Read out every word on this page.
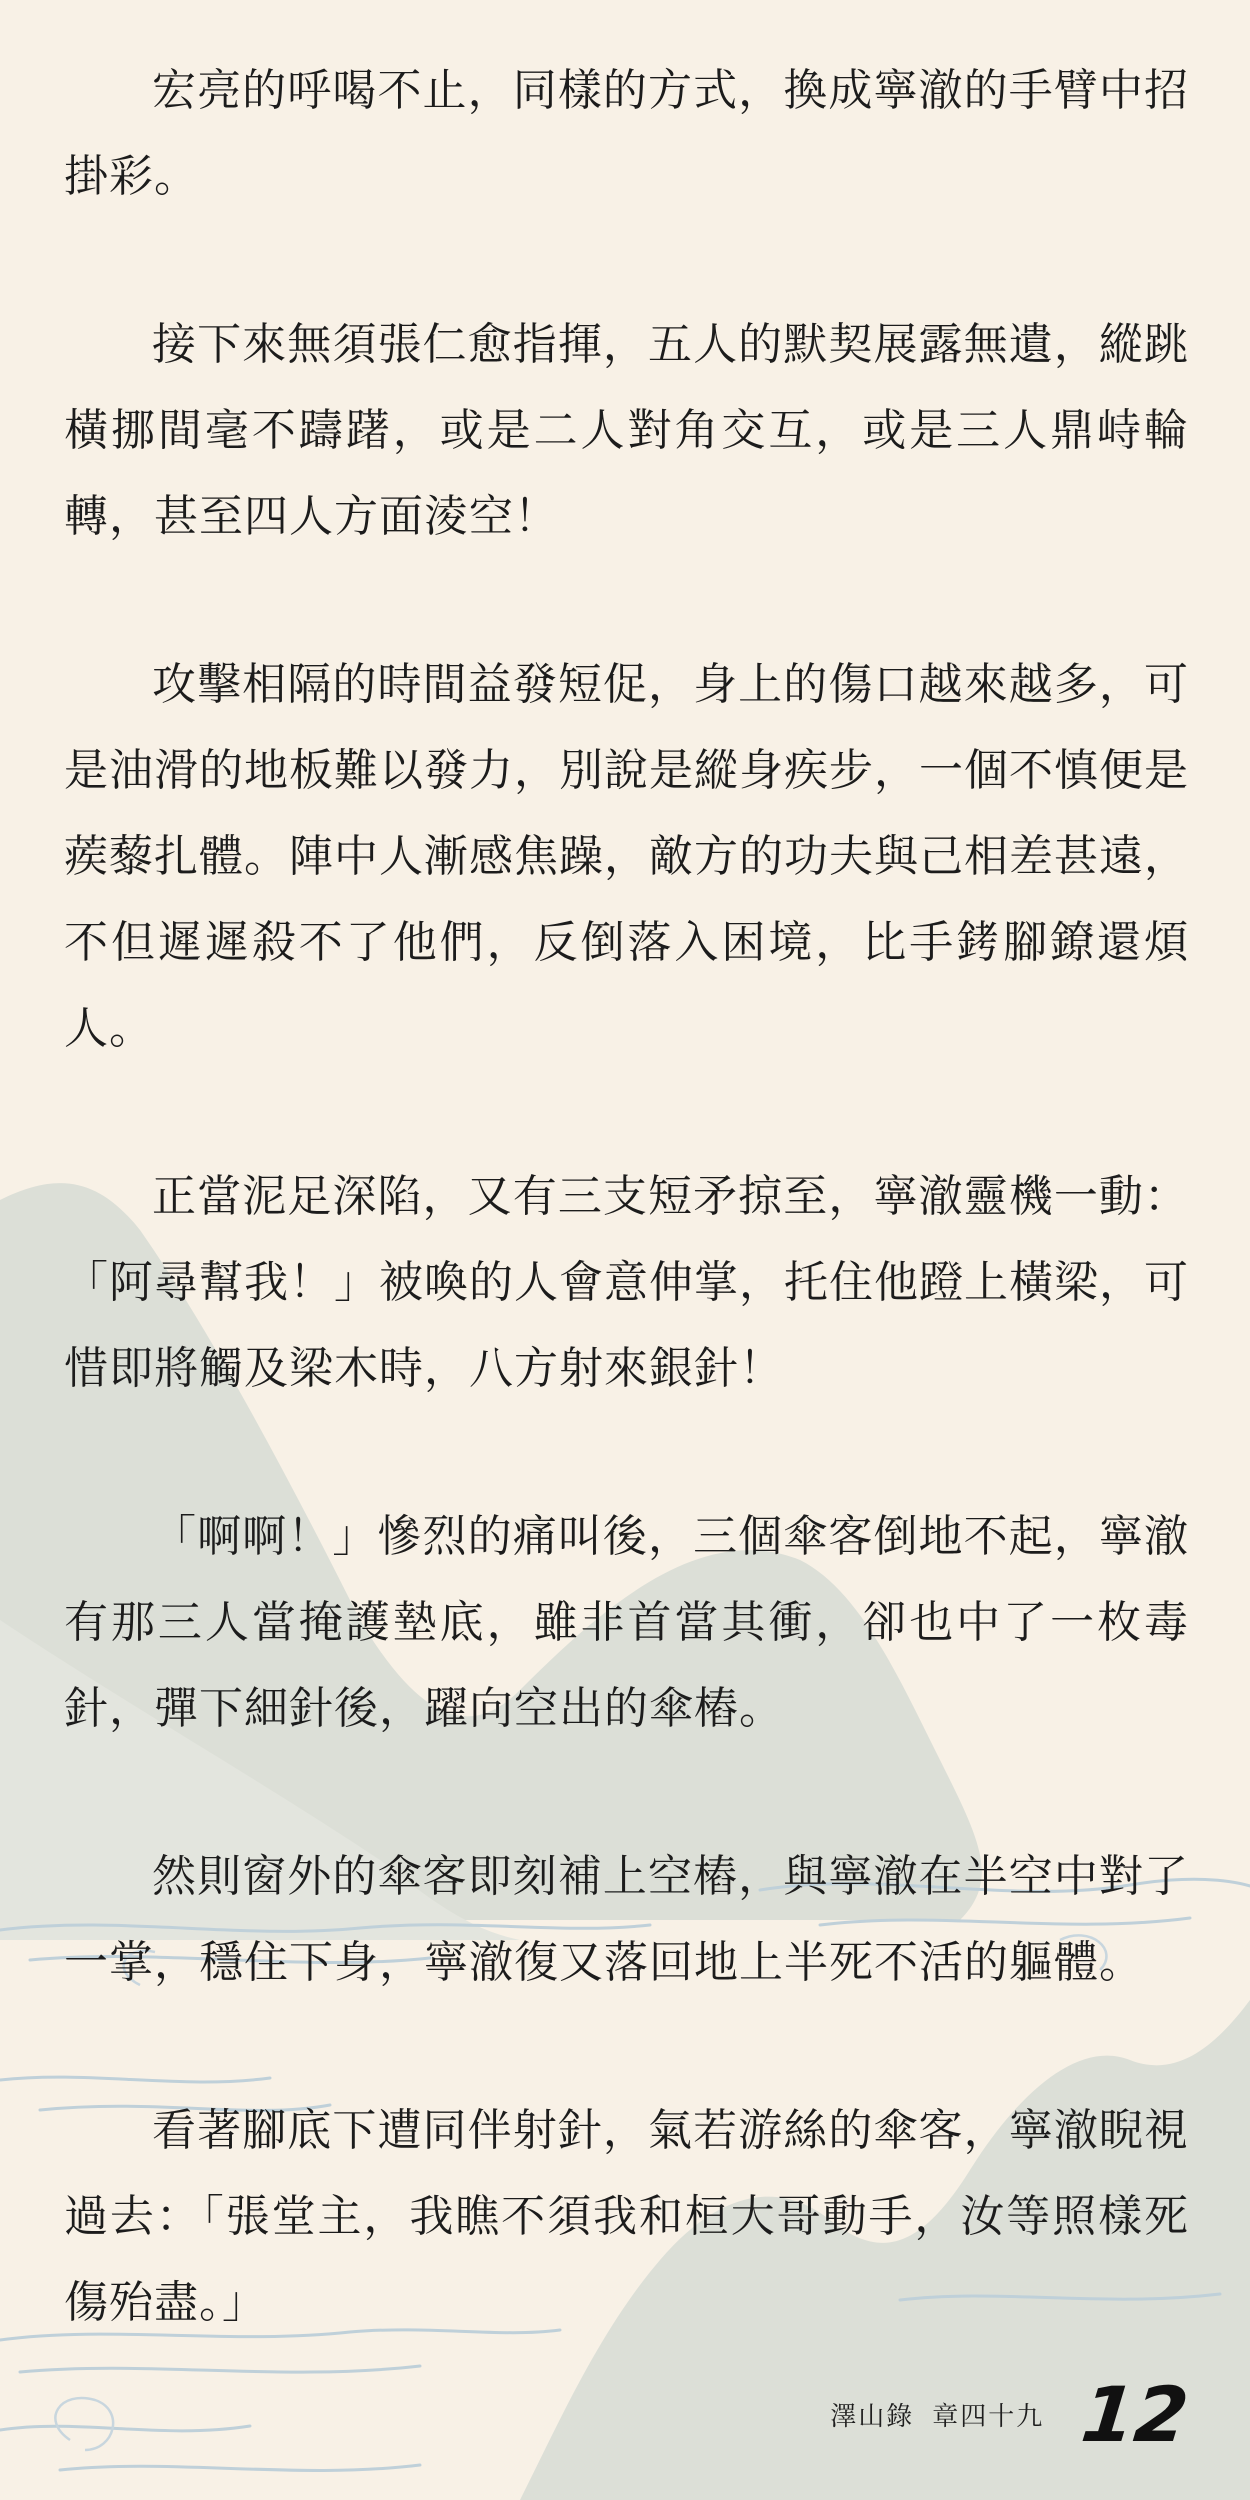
宏亮的呼喝不止，同樣的方式，換成寧澈的手臂中招掛彩。

接下來無須張仁愈指揮，五人的默契展露無遺，縱跳橫挪間毫不躊躇，或是二人對角交互，或是三人鼎峙輪轉，甚至四人方面淩空！

攻擊相隔的時間益發短促，身上的傷口越來越多，可是油滑的地板難以發力，別說是縱身疾步，一個不慎便是蒺藜扎體。陣中人漸感焦躁，敵方的功夫與己相差甚遠，不但遲遲殺不了他們，反倒落入困境，比手銬腳鐐還煩人。

正當泥足深陷，又有三支短矛掠至，寧澈靈機一動：「阿尋幫我！」被喚的人會意伸掌，托住他蹬上橫梁，可惜即將觸及梁木時，八方射來銀針！

「啊啊！」慘烈的痛叫後，三個傘客倒地不起，寧澈有那三人當掩護墊底，雖非首當其衝，卻也中了一枚毒針，彈下細針後，躍向空出的傘樁。

然則窗外的傘客即刻補上空樁，與寧澈在半空中對了一掌，穩住下身，寧澈復又落回地上半死不活的軀體。

看著腳底下遭同伴射針，氣若游絲的傘客，寧澈睨視過去：「張堂主，我瞧不須我和桓大哥動手，汝等照樣死傷殆盡。」

澤山錄 章四十九 12
